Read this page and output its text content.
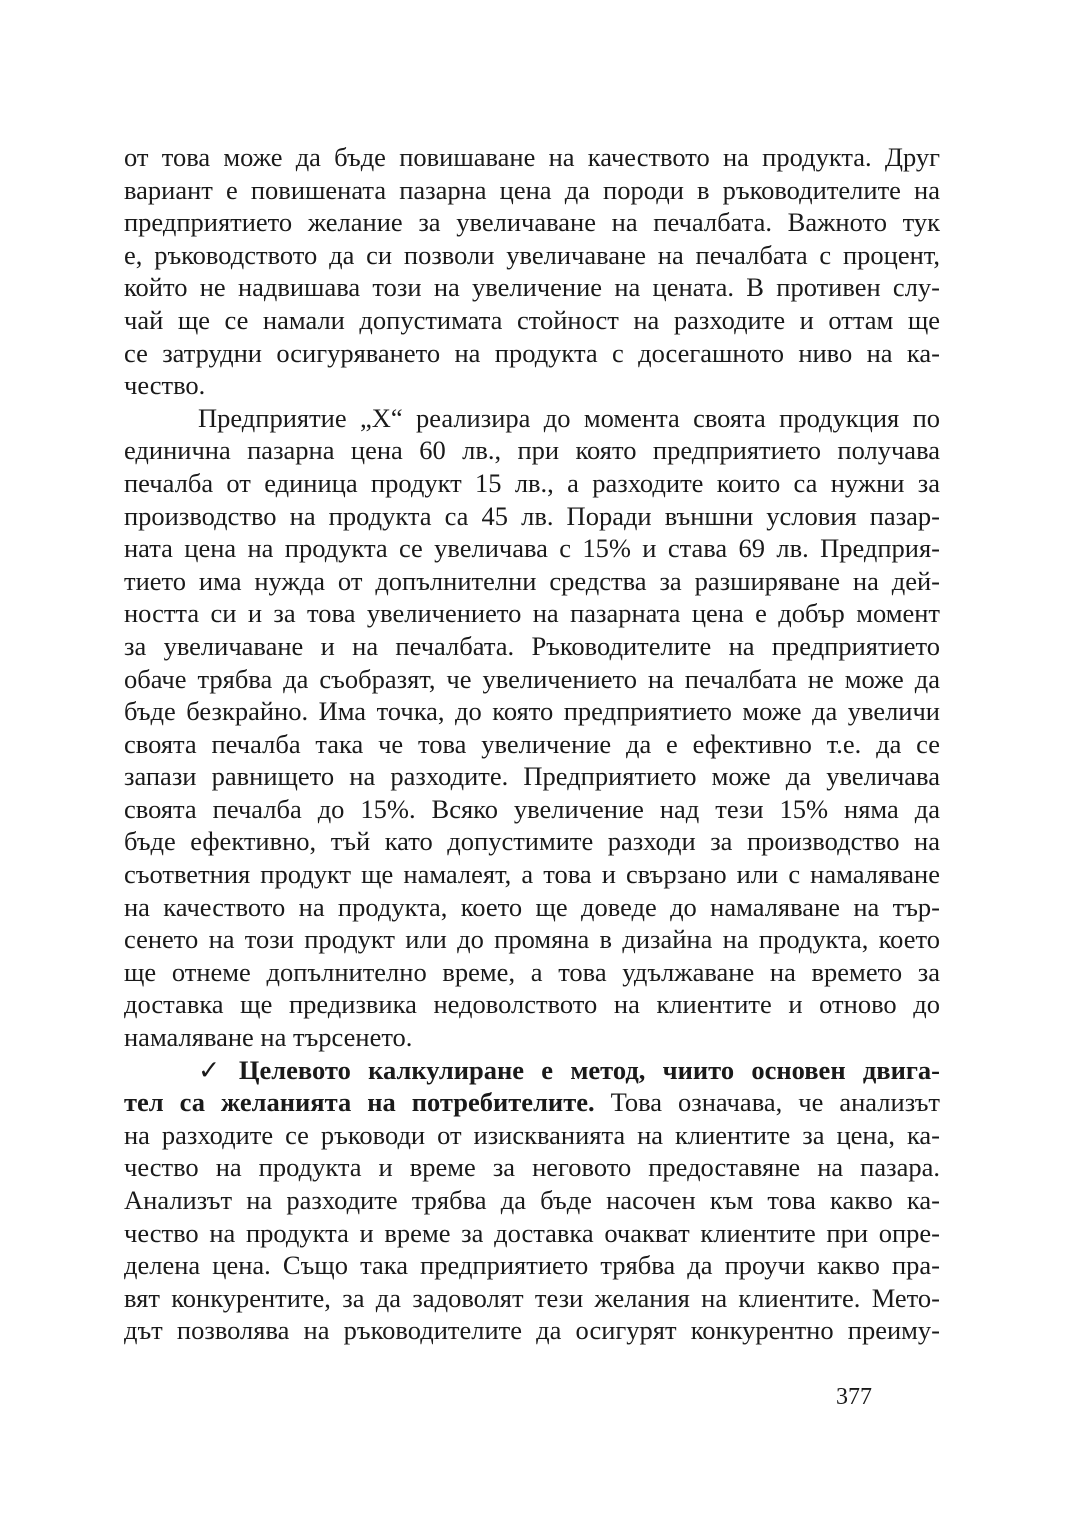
от това може да бъде повишаване на качеството на продукта. Друг
вариант е повишената пазарна цена да породи в ръководителите на
предприятието желание за увеличаване на печалбата. Важното тук
е, ръководството да си позволи увеличаване на печалбата с процент,
който не надвишава този на увеличение на цената. В противен слу-
чай ще се намали допустимата стойност на разходите и оттам ще
се затрудни осигуряването на продукта с досегашното ниво на ка-
чество.
Предприятие „Х“ реализира до момента своята продукция по
единична пазарна цена 60 лв., при която предприятието получава
печалба от единица продукт 15 лв., а разходите които са нужни за
производство на продукта са 45 лв. Поради външни условия пазар-
ната цена на продукта се увеличава с 15% и става 69 лв. Предприя-
тието има нужда от допълнителни средства за разширяване на дей-
ността си и за това увеличението на пазарната цена е добър момент
за увеличаване и на печалбата. Ръководителите на предприятието
обаче трябва да съобразят, че увеличението на печалбата не може да
бъде безкрайно. Има точка, до която предприятието може да увеличи
своята печалба така че това увеличение да е ефективно т.е. да се
запази равнището на разходите. Предприятието може да увеличава
своята печалба до 15%. Всяко увеличение над тези 15% няма да
бъде ефективно, тъй като допустимите разходи за производство на
съответния продукт ще намалеят, а това и свързано или с намаляване
на качеството на продукта, което ще доведе до намаляване на тър-
сенето на този продукт или до промяна в дизайна на продукта, което
ще отнеме допълнително време, а това удължаване на времето за
доставка ще предизвика недоволството на клиентите и отново до
намаляване на търсенето.
✓ Целевото калкулиране е метод, чиито основен двига-
тел са желанията на потребителите. Това означава, че анализът
на разходите се ръководи от изискванията на клиентите за цена, ка-
чество на продукта и време за неговото предоставяне на пазара.
Анализът на разходите трябва да бъде насочен към това какво ка-
чество на продукта и време за доставка очакват клиентите при опре-
делена цена. Също така предприятието трябва да проучи какво пра-
вят конкурентите, за да задоволят тези желания на клиентите. Мето-
дът позволява на ръководителите да осигурят конкурентно преиму-
377
